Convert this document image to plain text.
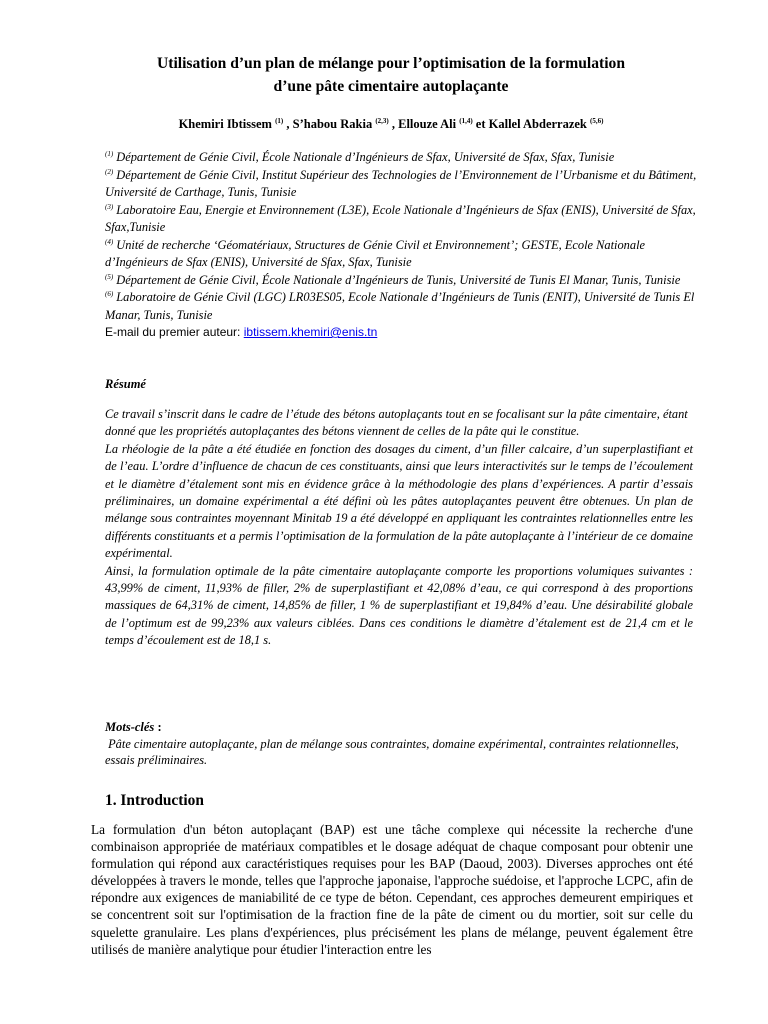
Utilisation d’un plan de mélange pour l’optimisation de la formulation
d’une pâte cimentaire autoplaçante
Khemiri Ibtissem $^{(1)}$ , S’habou Rakia $^{(2,3)}$ , Ellouze Ali $^{(1,4)}$ et Kallel Abderrazek $^{(5,6)}$

$^{(1)}$ Département de Génie Civil, École Nationale d’Ingénieurs de Sfax, Université de Sfax, Sfax, Tunisie

$^{(2)}$ Département de Génie Civil, Institut Supérieur des Technologies de l’Environnement de l’Urbanisme et du Bâtiment, Université de Carthage, Tunis, Tunisie

$^{(3)}$ Laboratoire Eau, Energie et Environnement (L3E), Ecole Nationale d’Ingénieurs de Sfax (ENIS), Université de Sfax, Sfax,Tunisie

$^{(4)}$ Unité de recherche ‘Géomatériaux, Structures de Génie Civil et Environnement’; GESTE, Ecole Nationale d’Ingénieurs de Sfax (ENIS), Université de Sfax, Sfax, Tunisie

$^{(5)}$ Département de Génie Civil, École Nationale d’Ingénieurs de Tunis, Université de Tunis El Manar, Tunis, Tunisie

$^{(6)}$ Laboratoire de Génie Civil (LGC) LR03ES05, Ecole Nationale d’Ingénieurs de Tunis (ENIT), Université de Tunis El Manar, Tunis, Tunisie

E-mail du premier auteur: ibtissem.khemiri@enis.tn

Résumé

Ce travail s’inscrit dans le cadre de l’étude des bétons autoplaçants tout en se focalisant sur la pâte cimentaire, étant donné que les propriétés autoplaçantes des bétons viennent de celles de la pâte qui le constitue.

La rhéologie de la pâte a été étudiée en fonction des dosages du ciment, d’un filler calcaire, d’un superplastifiant et de l’eau. L’ordre d’influence de chacun de ces constituants, ainsi que leurs interactivités sur le temps de l’écoulement et le diamètre d’étalement sont mis en évidence grâce à la méthodologie des plans d’expériences. A partir d’essais préliminaires, un domaine expérimental a été défini où les pâtes autoplaçantes peuvent être obtenues. Un plan de mélange sous contraintes moyennant Minitab 19 a été développé en appliquant les contraintes relationnelles entre les différents constituants et a permis l’optimisation de la formulation de la pâte autoplaçante à l’intérieur de ce domaine expérimental.

Ainsi, la formulation optimale de la pâte cimentaire autoplaçante comporte les proportions volumiques suivantes : 43,99% de ciment, 11,93% de filler, 2% de superplastifiant et 42,08% d’eau, ce qui correspond à des proportions massiques de 64,31% de ciment, 14,85% de filler, 1 % de superplastifiant et 19,84% d’eau. Une désirabilité globale de l’optimum est de 99,23% aux valeurs ciblées. Dans ces conditions le diamètre d’étalement est de 21,4 cm et le temps d’écoulement est de 18,1 s.

Mots-clés :
Pâte cimentaire autoplaçante, plan de mélange sous contraintes, domaine expérimental, contraintes relationnelles, essais préliminaires.
1. Introduction

La formulation d'un béton autoplaçant (BAP) est une tâche complexe qui nécessite la recherche d'une combinaison appropriée de matériaux compatibles et le dosage adéquat de chaque composant pour obtenir une formulation qui répond aux caractéristiques requises pour les BAP (Daoud, 2003). Diverses approches ont été développées à travers le monde, telles que l'approche japonaise, l'approche suédoise, et l'approche LCPC, afin de répondre aux exigences de maniabilité de ce type de béton. Cependant, ces approches demeurent empiriques et se concentrent soit sur l'optimisation de la fraction fine de la pâte de ciment ou du mortier, soit sur celle du squelette granulaire. Les plans d'expériences, plus précisément les plans de mélange, peuvent également être utilisés de manière analytique pour étudier l'interaction entre les
